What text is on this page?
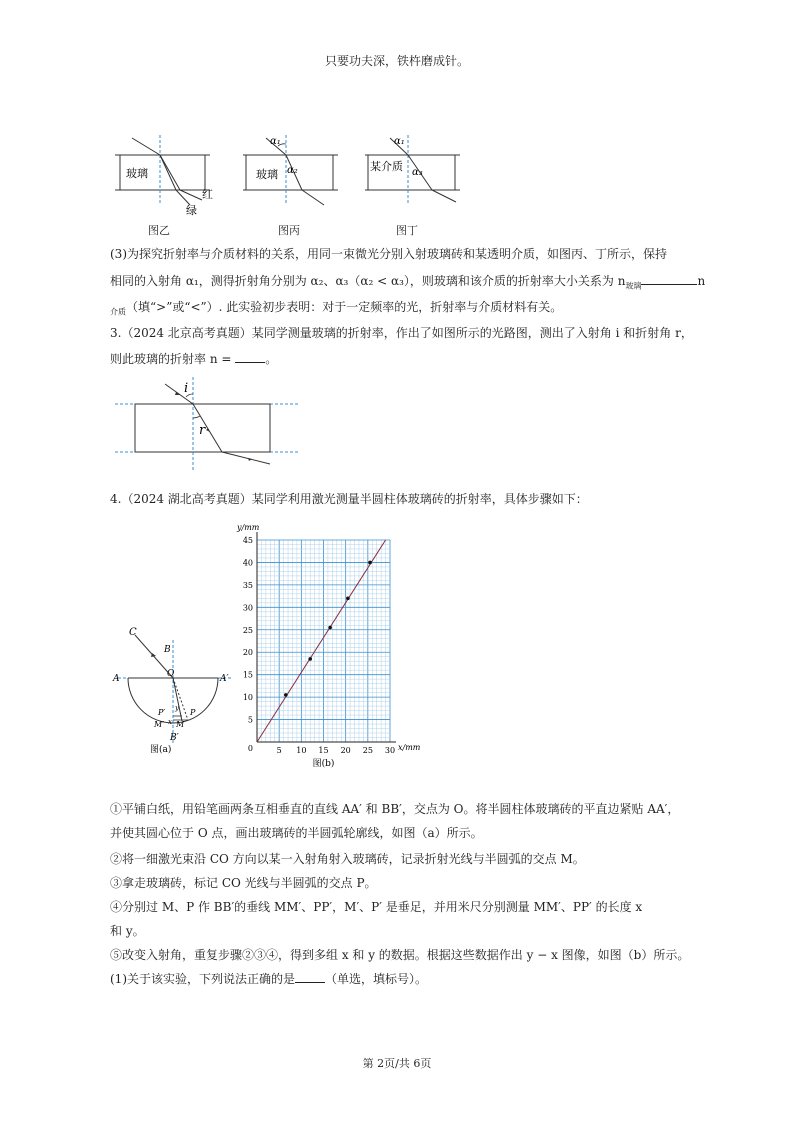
只要功夫深，铁杵磨成针。
玻璃
红
绿
图乙
α₁
α₂
玻璃
图丙
α₁
α₃
某介质
图丁
(3)为探究折射率与介质材料的关系，用同一束微光分别入射玻璃砖和某透明介质，如图丙、丁所示，保持
相同的入射角 α₁，测得折射角分别为 α₂、α₃（α₂ < α₃），则玻璃和该介质的折射率大小关系为 $n_{玻璃}$	n
$_{介质}$（填“>”或“<”）. 此实验初步表明：对于一定频率的光，折射率与介质材料有关。
3.（2024 北京高考真题）某同学测量玻璃的折射率，作出了如图所示的光路图，测出了入射角 i 和折射角 r，
则此玻璃的折射率 n =	。
i
r
4.（2024 湖北高考真题）某同学利用激光测量半圆柱体玻璃砖的折射率，具体步骤如下：
C
B
O
A	A′
P′	P
M
M′ x
y
B′
图(a)	5 10 15 20 25 30
5
10
15
20
25
30
35
40
45
0	x/mm
y/mm
图(b)
①平铺白纸，用铅笔画两条互相垂直的直线 AA′ 和 BB′，交点为 O。将半圆柱体玻璃砖的平直边紧贴 AA′，
并使其圆心位于 O 点，画出玻璃砖的半圆弧轮廓线，如图（a）所示。
②将一细激光束沿 CO 方向以某一入射角射入玻璃砖，记录折射光线与半圆弧的交点 M。
③拿走玻璃砖，标记 CO 光线与半圆弧的交点 P。
④分别过 M、P 作 BB′的垂线 MM′、PP′，M′、P′ 是垂足，并用米尺分别测量 MM′、PP′ 的长度 x
和 y。
⑤改变入射角，重复步骤②③④，得到多组 x 和 y 的数据。根据这些数据作出 y − x 图像，如图（b）所示。
(1)关于该实验，下列说法正确的是	（单选，填标号）。
第 2页/共 6页
